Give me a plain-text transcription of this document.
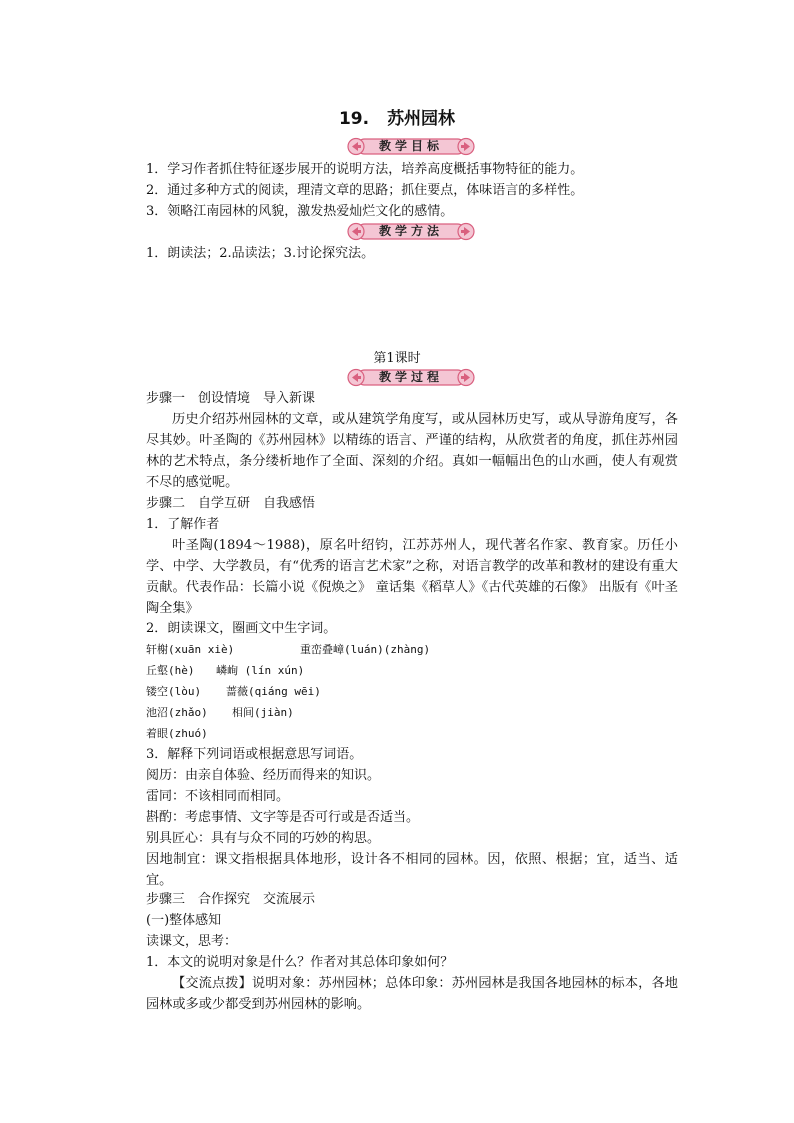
19. 苏州园林
教学目标
1．学习作者抓住特征逐步展开的说明方法，培养高度概括事物特征的能力。
2．通过多种方式的阅读，理清文章的思路；抓住要点，体味语言的多样性。
3．领略江南园林的风貌，激发热爱灿烂文化的感情。
教学方法
1．朗读法；2.品读法；3.讨论探究法。
第1课时
教学过程
步骤一　创设情境　导入新课
历史介绍苏州园林的文章，或从建筑学角度写，或从园林历史写，或从导游角度写，各尽其妙。叶圣陶的《苏州园林》以精练的语言、严谨的结构，从欣赏者的角度，抓住苏州园林的艺术特点，条分缕析地作了全面、深刻的介绍。真如一幅幅出色的山水画，使人有观赏不尽的感觉呢。
步骤二　自学互研　自我感悟
1．了解作者
叶圣陶(1894～1988)，原名叶绍钧，江苏苏州人，现代著名作家、教育家。历任小学、中学、大学教员，有“优秀的语言艺术家”之称，对语言教学的改革和教材的建设有重大贡献。代表作品：长篇小说《倪焕之》 童话集《稻草人》《古代英雄的石像》 出版有《叶圣陶全集》
2．朗读课文，圈画文中生字词。
轩榭(xuān xiè)	重峦叠嶂(luán)(zhàng)
丘壑(hè) 嶙峋 (lín xún)
镂空(lòu) 蔷薇(qiáng wēi)
池沼(zhǎo) 相间(jiàn)
着眼(zhuó)
3．解释下列词语或根据意思写词语。
阅历：由亲自体验、经历而得来的知识。
雷同：不该相同而相同。
斟酌：考虑事情、文字等是否可行或是否适当。
别具匠心：具有与众不同的巧妙的构思。
因地制宜：课文指根据具体地形，设计各不相同的园林。因，依照、根据；宜，适当、适宜。
步骤三　合作探究　交流展示
(一)整体感知
读课文，思考：
1．本文的说明对象是什么？作者对其总体印象如何？
【交流点拨】说明对象：苏州园林；总体印象：苏州园林是我国各地园林的标本，各地园林或多或少都受到苏州园林的影响。
